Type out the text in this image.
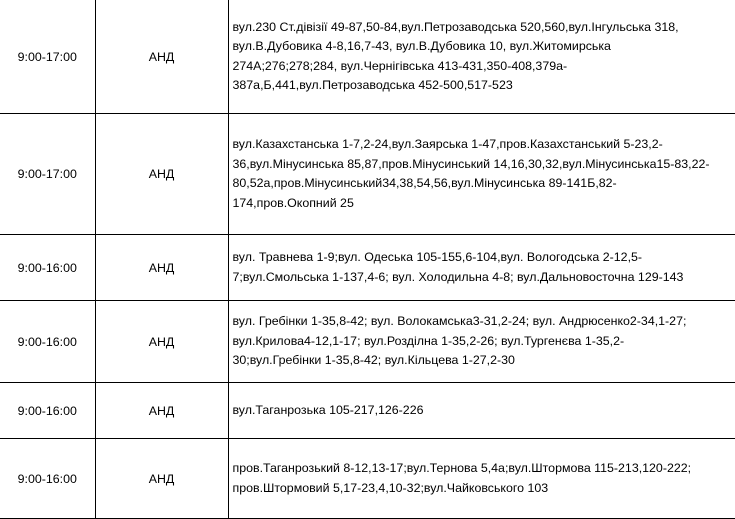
9:00-17:00	АНД	вул.230 Ст.дівізії 49-87,50-84,вул.Петрозаводська 520,560,вул.Інгульська 318,
вул.В.Дубовика 4-8,16,7-43, вул.В.Дубовика 10, вул.Житомирська
274А;276;278;284, вул.Чернігівська 413-431,350-408,379а-
387а,Б,441,вул.Петрозаводська 452-500,517-523

9:00-17:00	АНД	вул.Казахстанська 1-7,2-24,вул.Заярська 1-47,пров.Казахстанський 5-23,2-
36,вул.Мінусинська 85,87,пров.Мінусинський 14,16,30,32,вул.Мінусинська15-83,22-
80,52а,пров.Мінусинський34,38,54,56,вул.Мінусинська 89-141Б,82-
174,пров.Окопний 25

9:00-16:00	АНД	вул. Травнева 1-9;вул. Одеська 105-155,6-104,вул. Вологодська 2-12,5-
7;вул.Смольська 1-137,4-6; вул. Холодильна 4-8; вул.Дальновосточна 129-143

9:00-16:00	АНД	вул. Гребінки 1-35,8-42; вул. Волокамська3-31,2-24; вул. Андрюсенко2-34,1-27;
вул.Крилова4-12,1-17; вул.Розділна 1-35,2-26; вул.Тургенєва 1-35,2-
30;вул.Гребінки 1-35,8-42; вул.Кільцева 1-27,2-30

9:00-16:00	АНД	вул.Таганрозька 105-217,126-226

9:00-16:00	АНД	пров.Таганрозький 8-12,13-17;вул.Тернова 5,4а;вул.Штормова 115-213,120-222;
пров.Штормовий 5,17-23,4,10-32;вул.Чайковського 103
